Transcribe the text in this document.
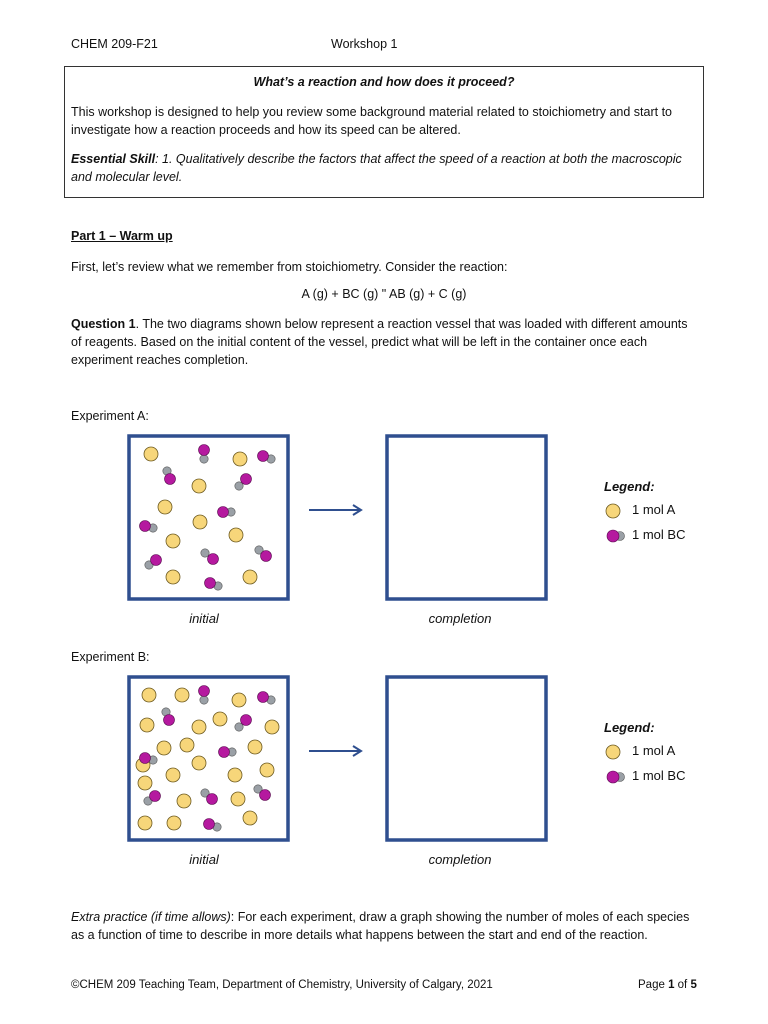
CHEM 209-F21	Workshop 1
What’s a reaction and how does it proceed?
This workshop is designed to help you review some background material related to stoichiometry and start to investigate how a reaction proceeds and how its speed can be altered.
Essential Skill: 1. Qualitatively describe the factors that affect the speed of a reaction at both the macroscopic and molecular level.
Part 1 – Warm up
First, let’s review what we remember from stoichiometry. Consider the reaction:
A (g) + BC (g) " AB (g) + C (g)
Question 1. The two diagrams shown below represent a reaction vessel that was loaded with different amounts of reagents. Based on the initial content of the vessel, predict what will be left in the container once each experiment reaches completion.
Experiment A:
initial	completion
Legend:
1 mol A
1 mol BC
Experiment B:
initial	completion
Legend:
1 mol A
1 mol BC
Extra practice (if time allows): For each experiment, draw a graph showing the number of moles of each species as a function of time to describe in more details what happens between the start and end of the reaction.
©CHEM 209 Teaching Team, Department of Chemistry, University of Calgary, 2021	Page 1 of 5
